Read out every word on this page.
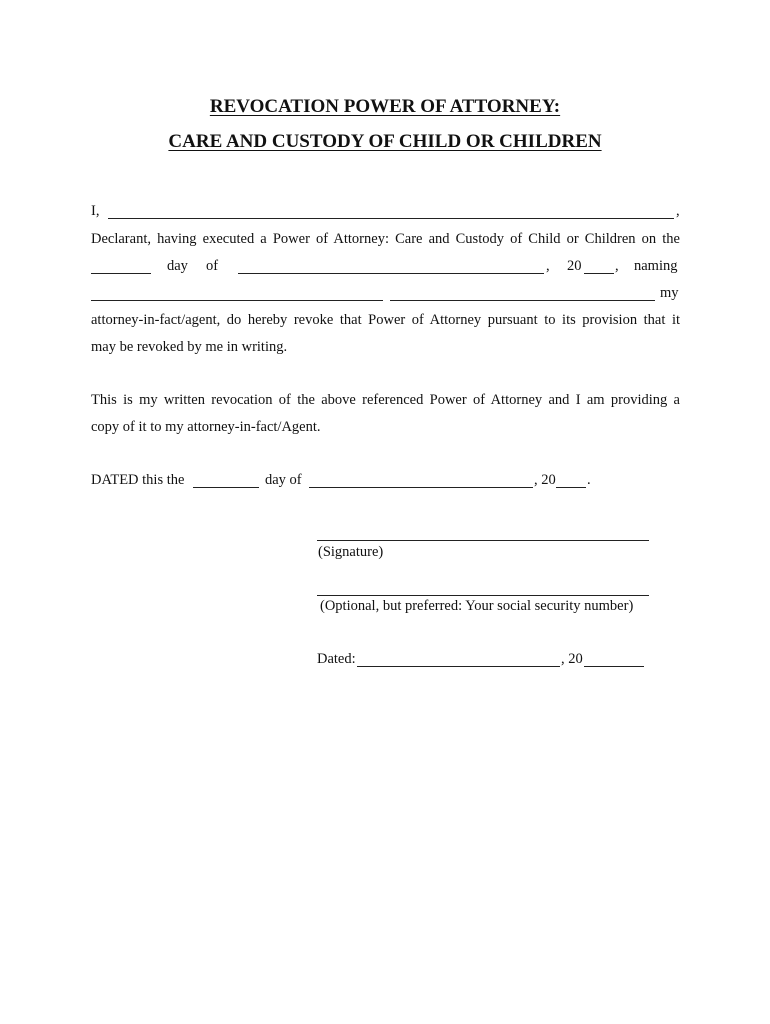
REVOCATION POWER OF ATTORNEY:
CARE AND CUSTODY OF CHILD OR CHILDREN
I,	,
Declarant, having executed a Power of Attorney: Care and Custody of Child or Children on the
day of	, 20 , naming
my
attorney-in-fact/agent, do hereby revoke that Power of Attorney pursuant to its provision that it
may be revoked by me in writing.
This is my written revocation of the above referenced Power of Attorney and I am providing a
copy of it to my attorney-in-fact/Agent.
DATED this the	day of	, 20 .
(Signature)
(Optional, but preferred: Your social security number)
Dated:	, 20
